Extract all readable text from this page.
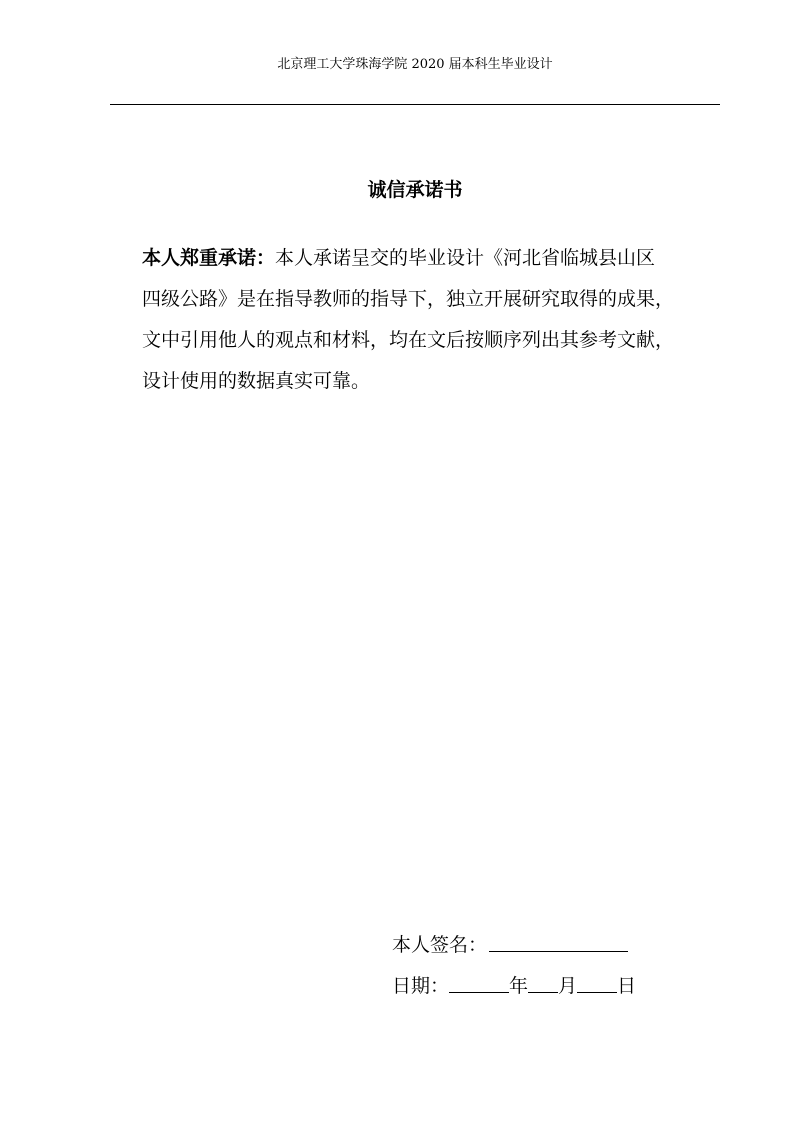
北京理工大学珠海学院 2020 届本科生毕业设计
诚信承诺书
本人郑重承诺：本人承诺呈交的毕业设计《河北省临城县山区
四级公路》是在指导教师的指导下，独立开展研究取得的成果，
文中引用他人的观点和材料，均在文后按顺序列出其参考文献，
设计使用的数据真实可靠。
本人签名：
日期：	年 月 日
